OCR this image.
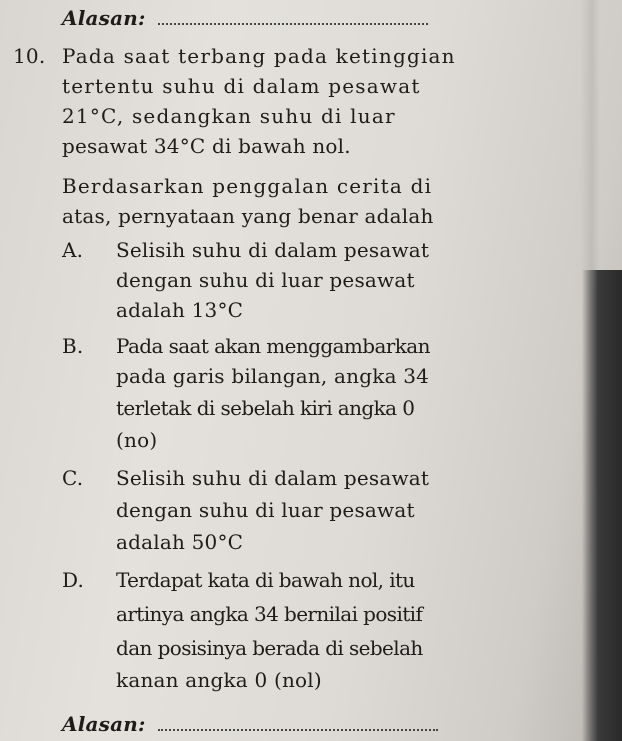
Alasan:
10. Pada saat terbang pada ketinggian
tertentu suhu di dalam pesawat
21°C, sedangkan suhu di luar
pesawat 34°C di bawah nol.
Berdasarkan penggalan cerita di
atas, pernyataan yang benar adalah
A. Selisih suhu di dalam pesawat
dengan suhu di luar pesawat
adalah 13°C
B. Pada saat akan menggambarkan
pada garis bilangan, angka 34
terletak di sebelah kiri angka 0
(no)
C. Selisih suhu di dalam pesawat
dengan suhu di luar pesawat
adalah 50°C
D. Terdapat kata di bawah nol, itu
artinya angka 34 bernilai positif
dan posisinya berada di sebelah
kanan angka 0 (nol)
Alasan:
